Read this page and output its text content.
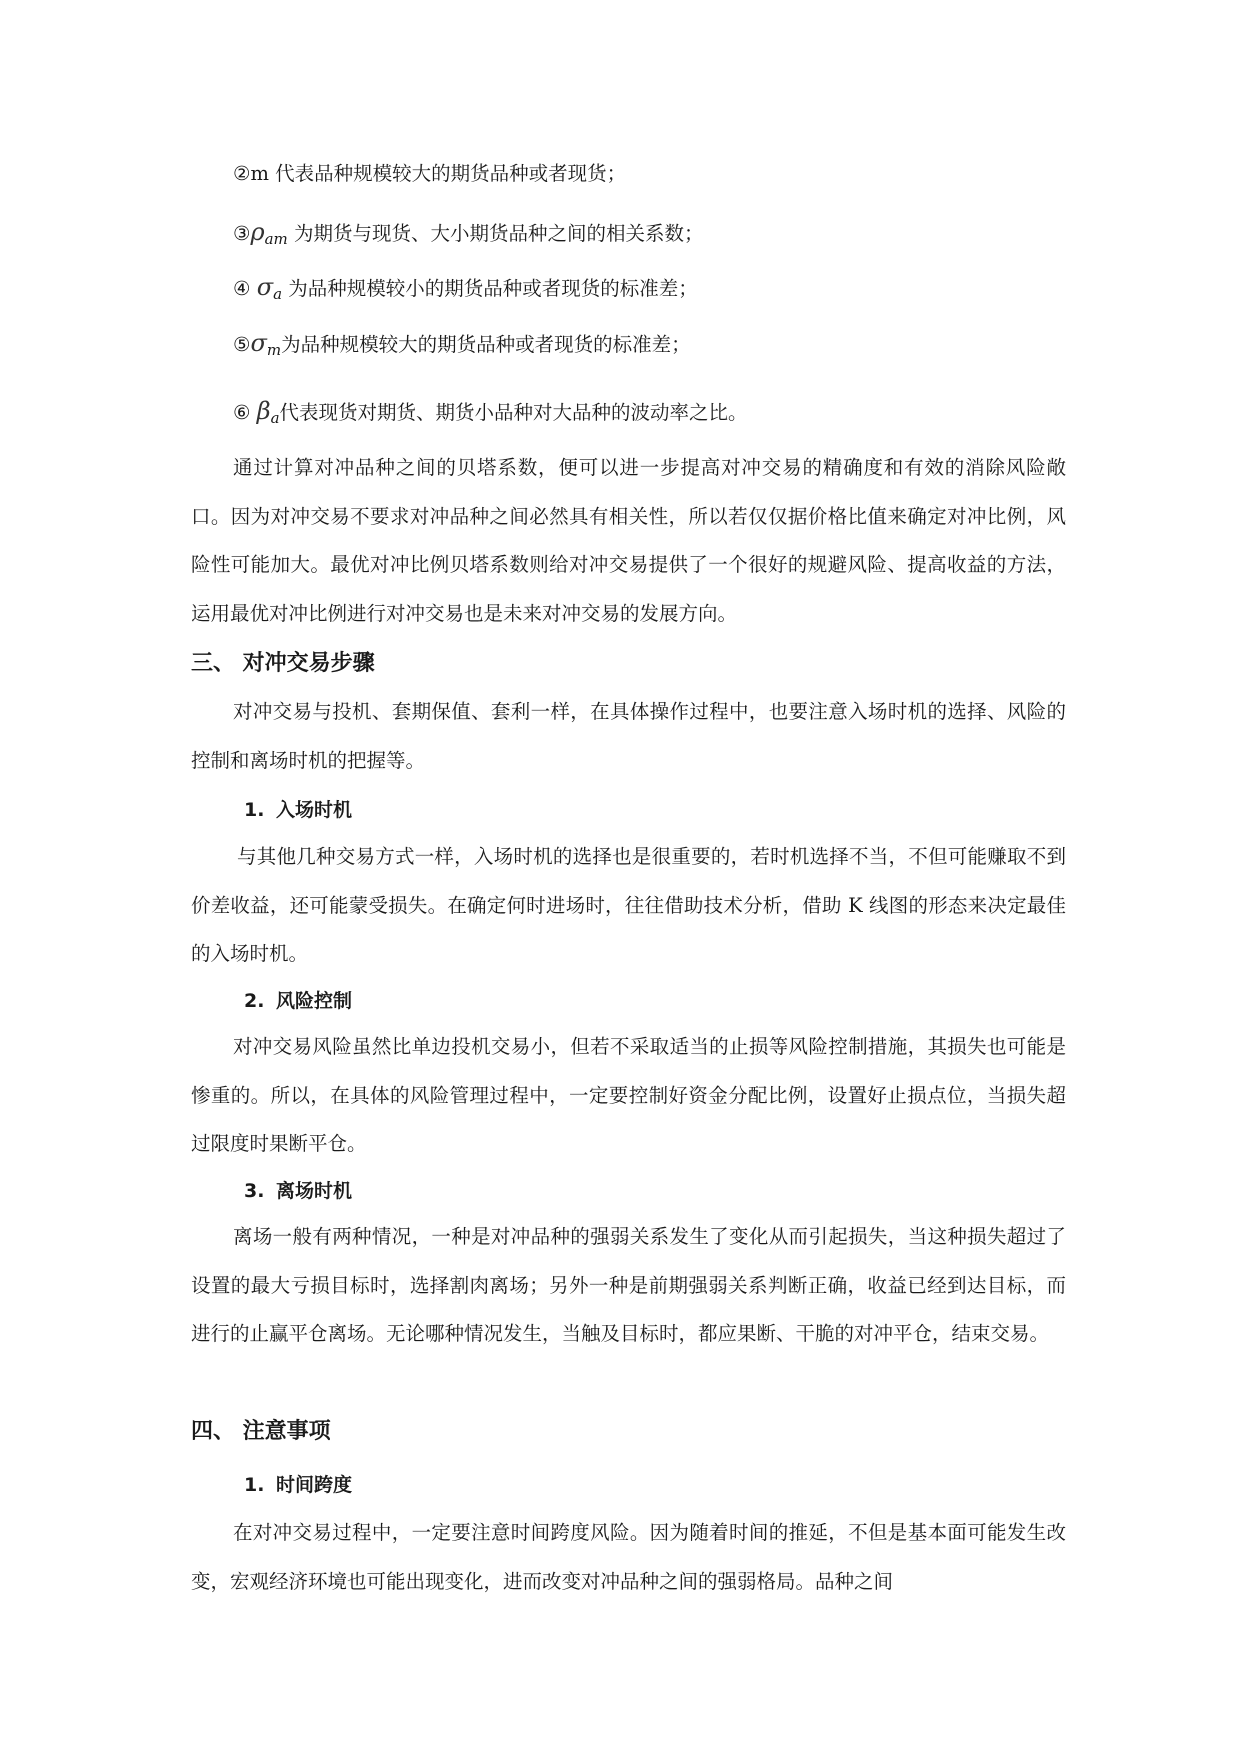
②m 代表品种规模较大的期货品种或者现货；
$③\rho_{am}$ 为期货与现货、大小期货品种之间的相关系数；
④ $\sigma_a$ 为品种规模较小的期货品种或者现货的标准差；
$⑤\sigma_m$为品种规模较大的期货品种或者现货的标准差；
⑥ $\beta_a$代表现货对期货、期货小品种对大品种的波动率之比。
通过计算对冲品种之间的贝塔系数，便可以进一步提高对冲交易的精确度和有效的消除风险敞口。因为对冲交易不要求对冲品种之间必然具有相关性，所以若仅仅据价格比值来确定对冲比例，风险性可能加大。最优对冲比例贝塔系数则给对冲交易提供了一个很好的规避风险、提高收益的方法，运用最优对冲比例进行对冲交易也是未来对冲交易的发展方向。
三、 对冲交易步骤
对冲交易与投机、套期保值、套利一样，在具体操作过程中，也要注意入场时机的选择、风险的控制和离场时机的把握等。
1. 入场时机
与其他几种交易方式一样，入场时机的选择也是很重要的，若时机选择不当，不但可能赚取不到价差收益，还可能蒙受损失。在确定何时进场时，往往借助技术分析，借助 K 线图的形态来决定最佳的入场时机。
2. 风险控制
对冲交易风险虽然比单边投机交易小，但若不采取适当的止损等风险控制措施，其损失也可能是惨重的。所以，在具体的风险管理过程中，一定要控制好资金分配比例，设置好止损点位，当损失超过限度时果断平仓。
3. 离场时机
离场一般有两种情况，一种是对冲品种的强弱关系发生了变化从而引起损失，当这种损失超过了设置的最大亏损目标时，选择割肉离场；另外一种是前期强弱关系判断正确，收益已经到达目标，而进行的止赢平仓离场。无论哪种情况发生，当触及目标时，都应果断、干脆的对冲平仓，结束交易。
四、 注意事项
1. 时间跨度
在对冲交易过程中，一定要注意时间跨度风险。因为随着时间的推延，不但是基本面可能发生改变，宏观经济环境也可能出现变化，进而改变对冲品种之间的强弱格局。品种之间
